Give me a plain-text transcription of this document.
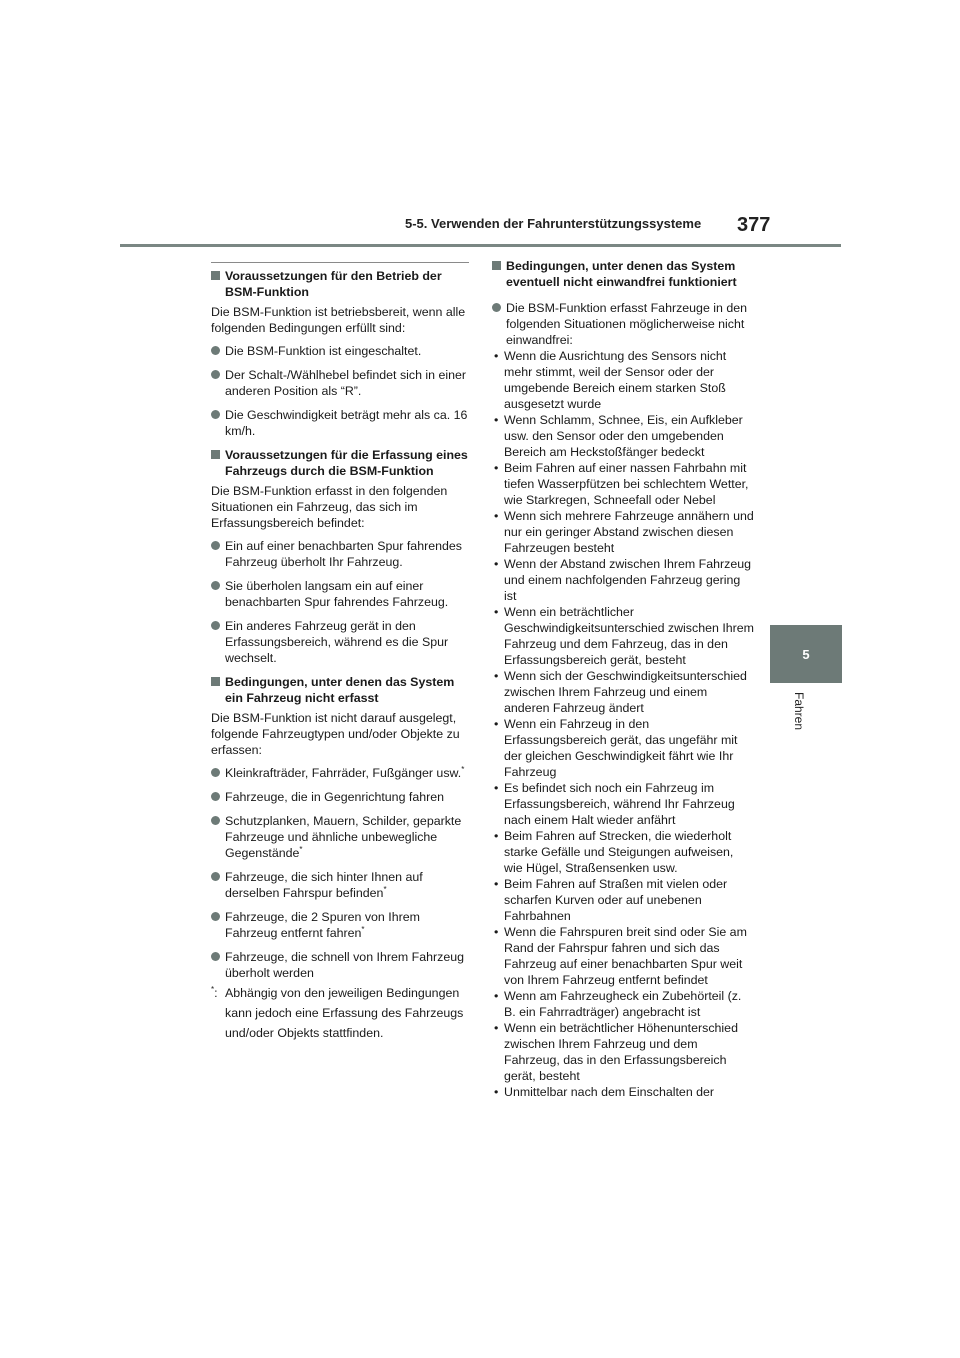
5-5. Verwenden der Fahrunterstützungssysteme 377
5
Fahren
Voraussetzungen für den Betrieb der BSM-Funktion
Die BSM-Funktion ist betriebsbereit, wenn alle folgenden Bedingungen erfüllt sind:
Die BSM-Funktion ist eingeschaltet.
Der Schalt-/Wählhebel befindet sich in einer anderen Position als “R”.
Die Geschwindigkeit beträgt mehr als ca. 16 km/h.
Voraussetzungen für die Erfassung eines Fahrzeugs durch die BSM-Funktion
Die BSM-Funktion erfasst in den folgenden Situationen ein Fahrzeug, das sich im Erfassungsbereich befindet:
Ein auf einer benachbarten Spur fahrendes Fahrzeug überholt Ihr Fahrzeug.
Sie überholen langsam ein auf einer benachbarten Spur fahrendes Fahrzeug.
Ein anderes Fahrzeug gerät in den Erfassungsbereich, während es die Spur wechselt.
Bedingungen, unter denen das System ein Fahrzeug nicht erfasst
Die BSM-Funktion ist nicht darauf ausgelegt, folgende Fahrzeugtypen und/oder Objekte zu erfassen:
Kleinkrafträder, Fahrräder, Fußgänger usw.*
Fahrzeuge, die in Gegenrichtung fahren
Schutzplanken, Mauern, Schilder, geparkte Fahrzeuge und ähnliche unbewegliche Gegenstände*
Fahrzeuge, die sich hinter Ihnen auf derselben Fahrspur befinden*
Fahrzeuge, die 2 Spuren von Ihrem Fahrzeug entfernt fahren*
Fahrzeuge, die schnell von Ihrem Fahrzeug überholt werden
*: Abhängig von den jeweiligen Bedingungen kann jedoch eine Erfassung des Fahrzeugs und/oder Objekts stattfinden.
Bedingungen, unter denen das System eventuell nicht einwandfrei funktioniert
Die BSM-Funktion erfasst Fahrzeuge in den folgenden Situationen möglicherweise nicht einwandfrei:
• Wenn die Ausrichtung des Sensors nicht mehr stimmt, weil der Sensor oder der umgebende Bereich einem starken Stoß ausgesetzt wurde
• Wenn Schlamm, Schnee, Eis, ein Aufkleber usw. den Sensor oder den umgebenden Bereich am Heckstoßfänger bedeckt
• Beim Fahren auf einer nassen Fahrbahn mit tiefen Wasserpfützen bei schlechtem Wetter, wie Starkregen, Schneefall oder Nebel
• Wenn sich mehrere Fahrzeuge annähern und nur ein geringer Abstand zwischen diesen Fahrzeugen besteht
• Wenn der Abstand zwischen Ihrem Fahrzeug und einem nachfolgenden Fahrzeug gering ist
• Wenn ein beträchtlicher Geschwindigkeitsunterschied zwischen Ihrem Fahrzeug und dem Fahrzeug, das in den Erfassungsbereich gerät, besteht
• Wenn sich der Geschwindigkeitsunterschied zwischen Ihrem Fahrzeug und einem anderen Fahrzeug ändert
• Wenn ein Fahrzeug in den Erfassungsbereich gerät, das ungefähr mit der gleichen Geschwindigkeit fährt wie Ihr Fahrzeug
• Es befindet sich noch ein Fahrzeug im Erfassungsbereich, während Ihr Fahrzeug nach einem Halt wieder anfährt
• Beim Fahren auf Strecken, die wiederholt starke Gefälle und Steigungen aufweisen, wie Hügel, Straßensenken usw.
• Beim Fahren auf Straßen mit vielen oder scharfen Kurven oder auf unebenen Fahrbahnen
• Wenn die Fahrspuren breit sind oder Sie am Rand der Fahrspur fahren und sich das Fahrzeug auf einer benachbarten Spur weit von Ihrem Fahrzeug entfernt befindet
• Wenn am Fahrzeugheck ein Zubehörteil (z. B. ein Fahrradträger) angebracht ist
• Wenn ein beträchtlicher Höhenunterschied zwischen Ihrem Fahrzeug und dem Fahrzeug, das in den Erfassungsbereich gerät, besteht
• Unmittelbar nach dem Einschalten der
